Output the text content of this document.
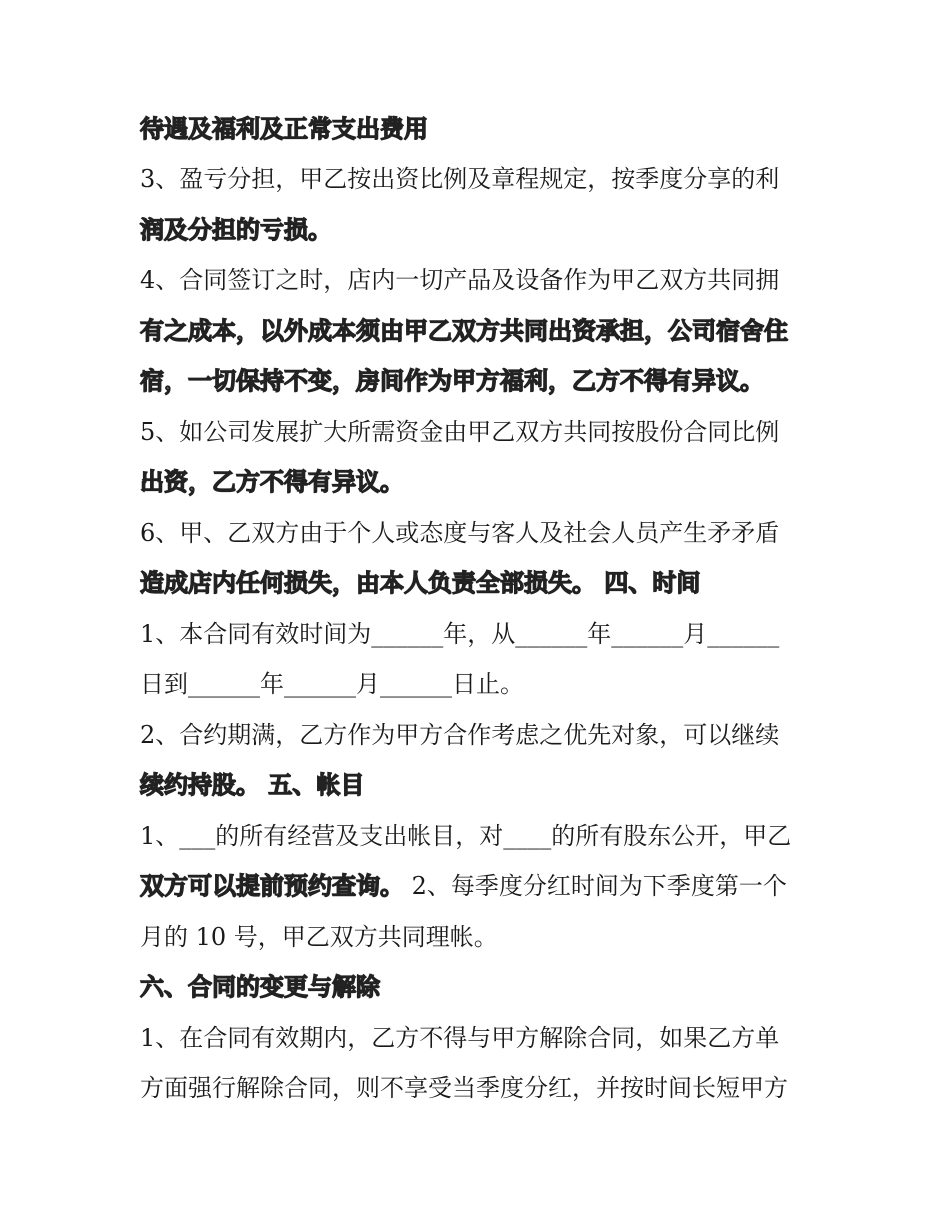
待遇及福利及正常支出费用
3、盈亏分担，甲乙按出资比例及章程规定，按季度分享的利
润及分担的亏损。
4、合同签订之时，店内一切产品及设备作为甲乙双方共同拥
有之成本，以外成本须由甲乙双方共同出资承担，公司宿舍住
宿，一切保持不变，房间作为甲方福利，乙方不得有异议。
5、如公司发展扩大所需资金由甲乙双方共同按股份合同比例
出资，乙方不得有异议。
6、甲、乙双方由于个人或态度与客人及社会人员产生矛矛盾
造成店内任何损失，由本人负责全部损失。 四、时间
1、本合同有效时间为______年，从______年______月______
日到______年______月______日止。
2、合约期满，乙方作为甲方合作考虑之优先对象，可以继续
续约持股。 五、帐目
1、___的所有经营及支出帐目，对____的所有股东公开，甲乙
双方可以提前预约查询。 2、每季度分红时间为下季度第一个
月的 10 号，甲乙双方共同理帐。
六、合同的变更与解除
1、在合同有效期内，乙方不得与甲方解除合同，如果乙方单
方面强行解除合同，则不享受当季度分红，并按时间长短甲方
